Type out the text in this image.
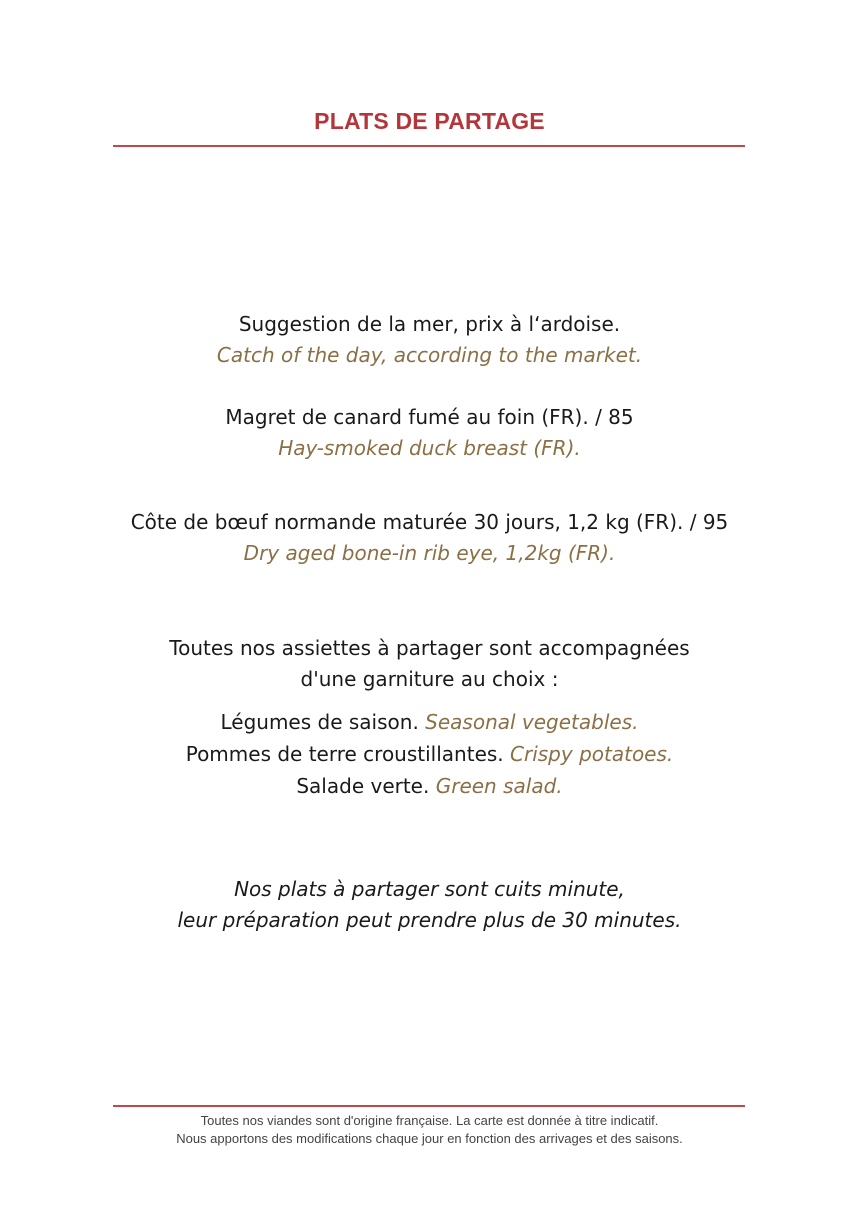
PLATS DE PARTAGE
Suggestion de la mer, prix à l‘ardoise.
Catch of the day, according to the market.
Magret de canard fumé au foin (FR). / 85
Hay-smoked duck breast (FR).
Côte de bœuf normande maturée 30 jours, 1,2 kg (FR). / 95
Dry aged bone-in rib eye, 1,2kg (FR).
Toutes nos assiettes à partager sont accompagnées
d'une garniture au choix :
Légumes de saison. Seasonal vegetables.
Pommes de terre croustillantes. Crispy potatoes.
Salade verte. Green salad.
Nos plats à partager sont cuits minute,
leur préparation peut prendre plus de 30 minutes.
Toutes nos viandes sont d'origine française. La carte est donnée à titre indicatif.
Nous apportons des modifications chaque jour en fonction des arrivages et des saisons.
